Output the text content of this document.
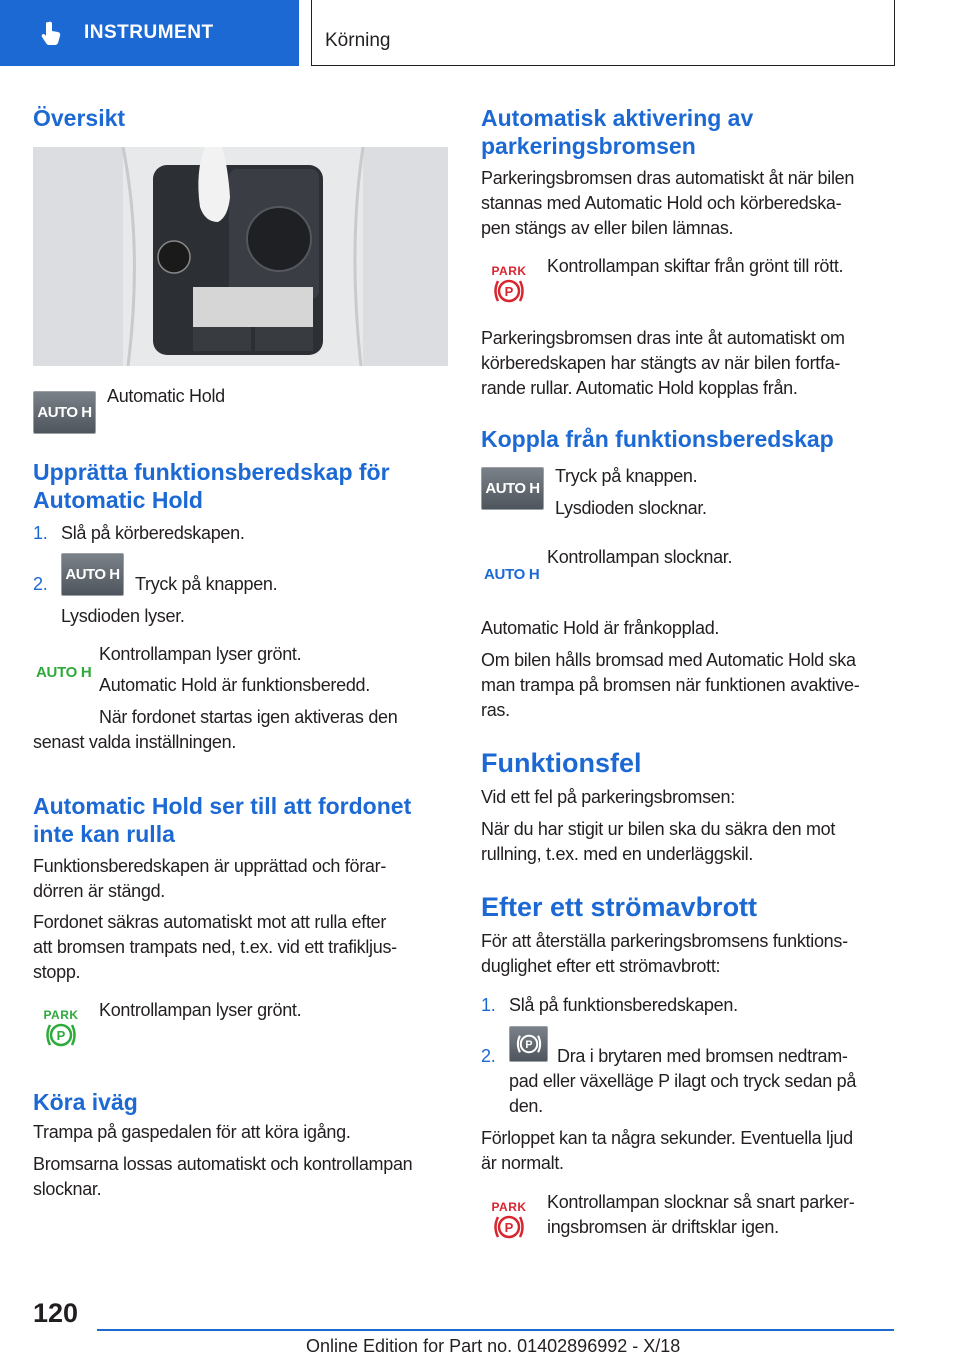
INSTRUMENT	Körning
Översikt
AUTO H

Automatic Hold

Upprätta funktionsberedskap för Automatic Hold

1. Slå på körberedskapen.

2. AUTO H Tryck på knappen.

Lysdioden lyser.

AUTO H

Kontrollampan lyser grönt.

Automatic Hold är funktionsberedd.

När fordonet startas igen aktiveras den

senast valda inställningen.

Automatic Hold ser till att fordonet inte kan rulla

Funktionsberedskapen är upprättad och förar-

dörren är stängd.

Fordonet säkras automatiskt mot att rulla efter

att bromsen trampats ned, t.ex. vid ett trafikljus-

stopp.

PARK
P

Kontrollampan lyser grönt.

Köra iväg

Trampa på gaspedalen för att köra igång.

Bromsarna lossas automatiskt och kontrollampan

slocknar.

Automatisk aktivering av parkeringsbromsen

Parkeringsbromsen dras automatiskt åt när bilen

stannas med Automatic Hold och körberedska-

pen stängs av eller bilen lämnas.

PARK
P

Kontrollampan skiftar från grönt till rött.

Parkeringsbromsen dras inte åt automatiskt om

körberedskapen har stängts av när bilen fortfa-

rande rullar. Automatic Hold kopplas från.

Koppla från funktionsberedskap
AUTO H

Tryck på knappen.

Lysdioden slocknar.

AUTO H

Kontrollampan slocknar.

Automatic Hold är frånkopplad.

Om bilen hålls bromsad med Automatic Hold ska

man trampa på bromsen när funktionen avaktive-

ras.

Funktionsfel

Vid ett fel på parkeringsbromsen:

När du har stigit ur bilen ska du säkra den mot

rullning, t.ex. med en underläggskil.

Efter ett strömavbrott

För att återställa parkeringsbromsens funktions-

duglighet efter ett strömavbrott:

1. Slå på funktionsberedskapen.

2.

P

Dra i brytaren med bromsen nedtram-

pad eller växelläge P ilagt och tryck sedan på

den.

Förloppet kan ta några sekunder. Eventuella ljud

är normalt.

PARK
P

Kontrollampan slocknar så snart parker-

ingsbromsen är driftsklar igen.

120
Online Edition for Part no. 01402896992 - X/18
